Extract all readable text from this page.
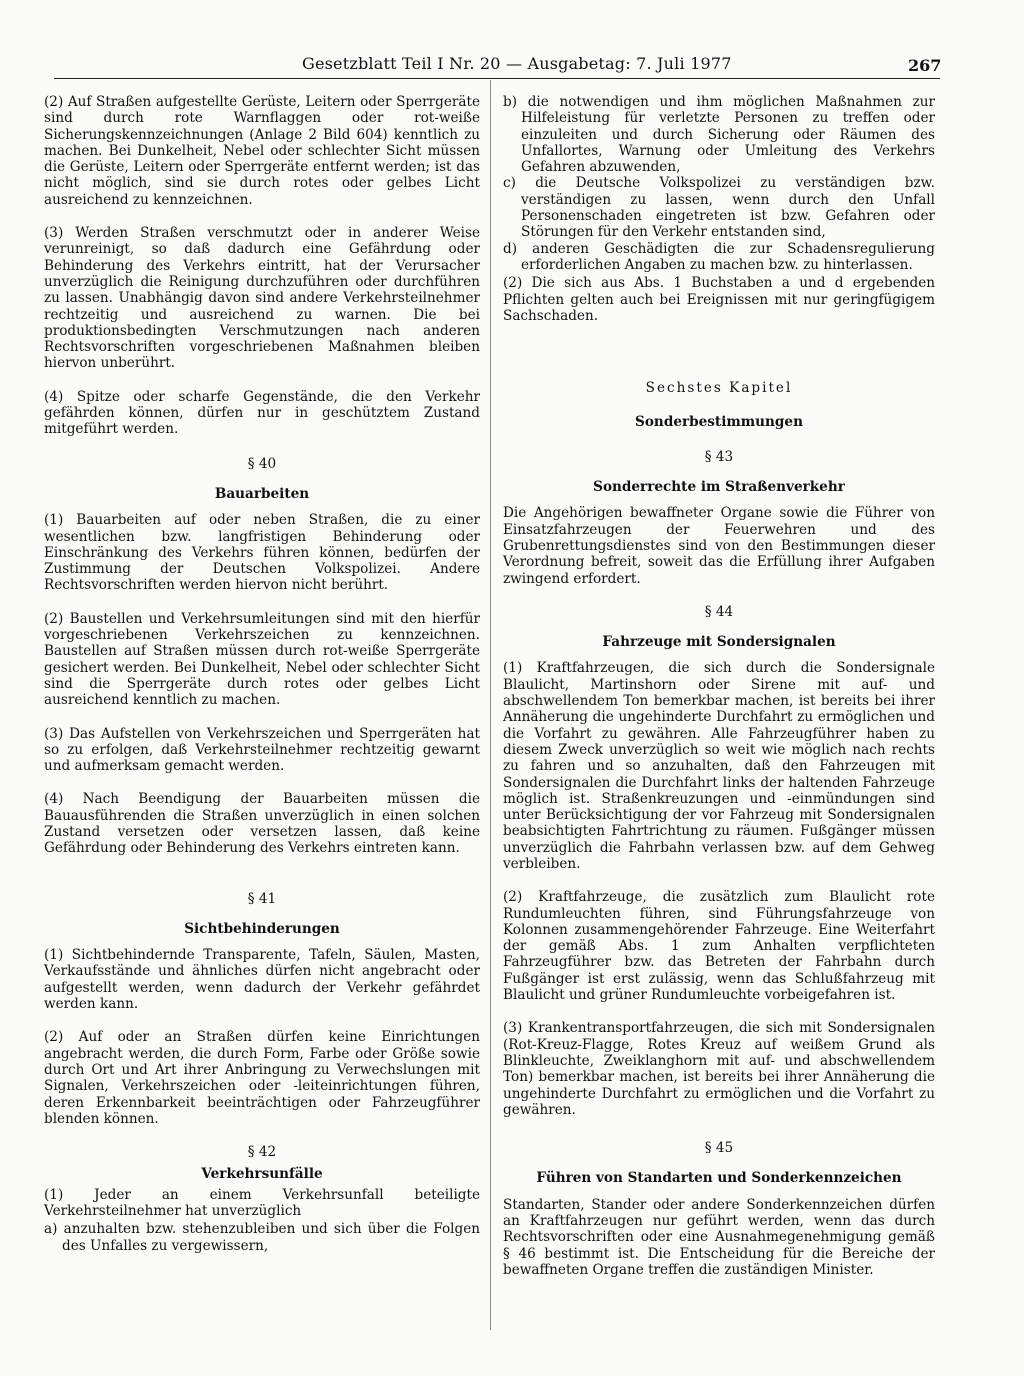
Gesetzblatt Teil I Nr. 20 — Ausgabetag: 7. Juli 1977	267

(2) Auf Straßen aufgestellte Gerüste, Leitern oder Sperrgeräte sind durch rote Warnflaggen oder rot-weiße Sicherungskennzeichnungen (Anlage 2 Bild 604) kenntlich zu machen. Bei Dunkelheit, Nebel oder schlechter Sicht müssen die Gerüste, Leitern oder Sperrgeräte entfernt werden; ist das nicht möglich, sind sie durch rotes oder gelbes Licht ausreichend zu kennzeichnen.

(3) Werden Straßen verschmutzt oder in anderer Weise verunreinigt, so daß dadurch eine Gefährdung oder Behinderung des Verkehrs eintritt, hat der Verursacher unverzüglich die Reinigung durchzuführen oder durchführen zu lassen. Unabhängig davon sind andere Verkehrsteilnehmer rechtzeitig und ausreichend zu warnen. Die bei produktionsbedingten Verschmutzungen nach anderen Rechtsvorschriften vorgeschriebenen Maßnahmen bleiben hiervon unberührt.

(4) Spitze oder scharfe Gegenstände, die den Verkehr gefährden können, dürfen nur in geschütztem Zustand mitgeführt werden.

§ 40

Bauarbeiten

(1) Bauarbeiten auf oder neben Straßen, die zu einer wesentlichen bzw. langfristigen Behinderung oder Einschränkung des Verkehrs führen können, bedürfen der Zustimmung der Deutschen Volkspolizei. Andere Rechtsvorschriften werden hiervon nicht berührt.

(2) Baustellen und Verkehrsumleitungen sind mit den hierfür vorgeschriebenen Verkehrszeichen zu kennzeichnen. Baustellen auf Straßen müssen durch rot-weiße Sperrgeräte gesichert werden. Bei Dunkelheit, Nebel oder schlechter Sicht sind die Sperrgeräte durch rotes oder gelbes Licht ausreichend kenntlich zu machen.

(3) Das Aufstellen von Verkehrszeichen und Sperrgeräten hat so zu erfolgen, daß Verkehrsteilnehmer rechtzeitig gewarnt und aufmerksam gemacht werden.

(4) Nach Beendigung der Bauarbeiten müssen die Bauausführenden die Straßen unverzüglich in einen solchen Zustand versetzen oder versetzen lassen, daß keine Gefährdung oder Behinderung des Verkehrs eintreten kann.

§ 41

Sichtbehinderungen

(1) Sichtbehindernde Transparente, Tafeln, Säulen, Masten, Verkaufsstände und ähnliches dürfen nicht angebracht oder aufgestellt werden, wenn dadurch der Verkehr gefährdet werden kann.

(2) Auf oder an Straßen dürfen keine Einrichtungen angebracht werden, die durch Form, Farbe oder Größe sowie durch Ort und Art ihrer Anbringung zu Verwechslungen mit Signalen, Verkehrszeichen oder -leiteinrichtungen führen, deren Erkennbarkeit beeinträchtigen oder Fahrzeugführer blenden können.

§ 42

Verkehrsunfälle

(1) Jeder an einem Verkehrsunfall beteiligte Verkehrsteilnehmer hat unverzüglich

a) anzuhalten bzw. stehenzubleiben und sich über die Folgen des Unfalles zu vergewissern,

b) die notwendigen und ihm möglichen Maßnahmen zur Hilfeleistung für verletzte Personen zu treffen oder einzuleiten und durch Sicherung oder Räumen des Unfallortes, Warnung oder Umleitung des Verkehrs Gefahren abzuwenden,

c) die Deutsche Volkspolizei zu verständigen bzw. verständigen zu lassen, wenn durch den Unfall Personenschaden eingetreten ist bzw. Gefahren oder Störungen für den Verkehr entstanden sind,

d) anderen Geschädigten die zur Schadensregulierung erforderlichen Angaben zu machen bzw. zu hinterlassen.

(2) Die sich aus Abs. 1 Buchstaben a und d ergebenden Pflichten gelten auch bei Ereignissen mit nur geringfügigem Sachschaden.

Sechstes Kapitel

Sonderbestimmungen

§ 43

Sonderrechte im Straßenverkehr

Die Angehörigen bewaffneter Organe sowie die Führer von Einsatzfahrzeugen der Feuerwehren und des Grubenrettungsdienstes sind von den Bestimmungen dieser Verordnung befreit, soweit das die Erfüllung ihrer Aufgaben zwingend erfordert.

§ 44

Fahrzeuge mit Sondersignalen

(1) Kraftfahrzeugen, die sich durch die Sondersignale Blaulicht, Martinshorn oder Sirene mit auf- und abschwellendem Ton bemerkbar machen, ist bereits bei ihrer Annäherung die ungehinderte Durchfahrt zu ermöglichen und die Vorfahrt zu gewähren. Alle Fahrzeugführer haben zu diesem Zweck unverzüglich so weit wie möglich nach rechts zu fahren und so anzuhalten, daß den Fahrzeugen mit Sondersignalen die Durchfahrt links der haltenden Fahrzeuge möglich ist. Straßenkreuzungen und -einmündungen sind unter Berücksichtigung der vor Fahrzeug mit Sondersignalen beabsichtigten Fahrtrichtung zu räumen. Fußgänger müssen unverzüglich die Fahrbahn verlassen bzw. auf dem Gehweg verbleiben.

(2) Kraftfahrzeuge, die zusätzlich zum Blaulicht rote Rundumleuchten führen, sind Führungsfahrzeuge von Kolonnen zusammengehörender Fahrzeuge. Eine Weiterfahrt der gemäß Abs. 1 zum Anhalten verpflichteten Fahrzeugführer bzw. das Betreten der Fahrbahn durch Fußgänger ist erst zulässig, wenn das Schlußfahrzeug mit Blaulicht und grüner Rundumleuchte vorbeigefahren ist.

(3) Krankentransportfahrzeugen, die sich mit Sondersignalen (Rot-Kreuz-Flagge, Rotes Kreuz auf weißem Grund als Blinkleuchte, Zweiklanghorn mit auf- und abschwellendem Ton) bemerkbar machen, ist bereits bei ihrer Annäherung die ungehinderte Durchfahrt zu ermöglichen und die Vorfahrt zu gewähren.

§ 45

Führen von Standarten und Sonderkennzeichen

Standarten, Stander oder andere Sonderkennzeichen dürfen an Kraftfahrzeugen nur geführt werden, wenn das durch Rechtsvorschriften oder eine Ausnahmegenehmigung gemäß § 46 bestimmt ist. Die Entscheidung für die Bereiche der bewaffneten Organe treffen die zuständigen Minister.
